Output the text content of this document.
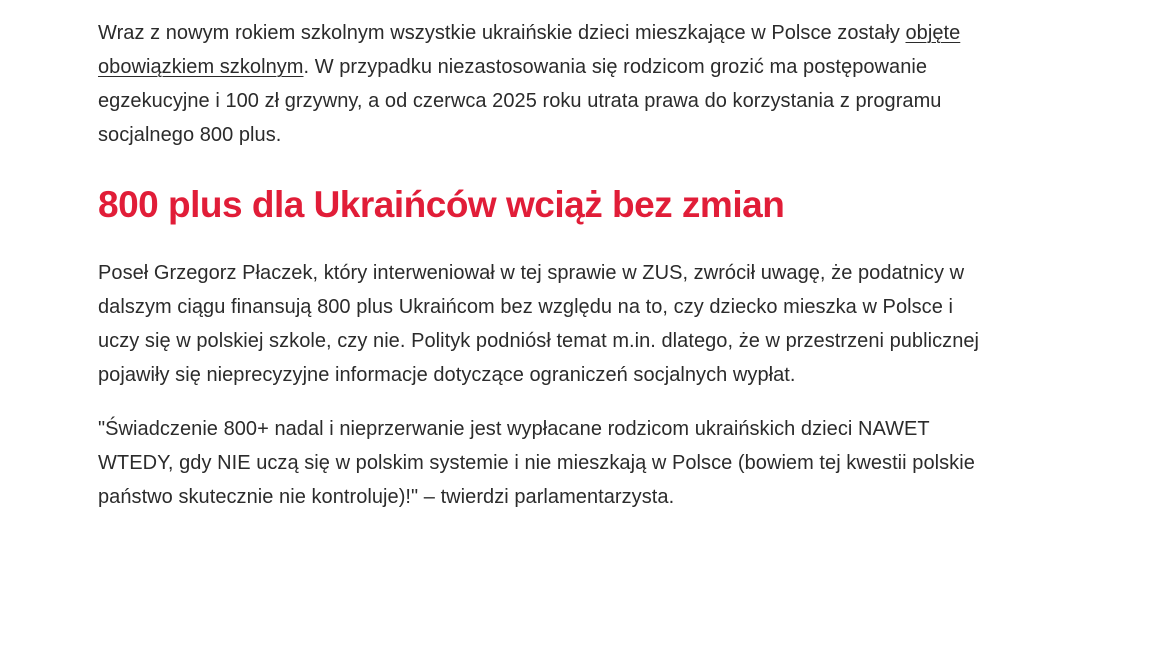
Wraz z nowym rokiem szkolnym wszystkie ukraińskie dzieci mieszkające w Polsce zostały objęte obowiązkiem szkolnym. W przypadku niezastosowania się rodzicom grozić ma postępowanie egzekucyjne i 100 zł grzywny, a od czerwca 2025 roku utrata prawa do korzystania z programu socjalnego 800 plus.

800 plus dla Ukraińców wciąż bez zmian

Poseł Grzegorz Płaczek, który interweniował w tej sprawie w ZUS, zwrócił uwagę, że podatnicy w dalszym ciągu finansują 800 plus Ukraińcom bez względu na to, czy dziecko mieszka w Polsce i uczy się w polskiej szkole, czy nie. Polityk podniósł temat m.in. dlatego, że w przestrzeni publicznej pojawiły się nieprecyzyjne informacje dotyczące ograniczeń socjalnych wypłat.

"Świadczenie 800+ nadal i nieprzerwanie jest wypłacane rodzicom ukraińskich dzieci NAWET WTEDY, gdy NIE uczą się w polskim systemie i nie mieszkają w Polsce (bowiem tej kwestii polskie państwo skutecznie nie kontroluje)!" – twierdzi parlamentarzysta.
